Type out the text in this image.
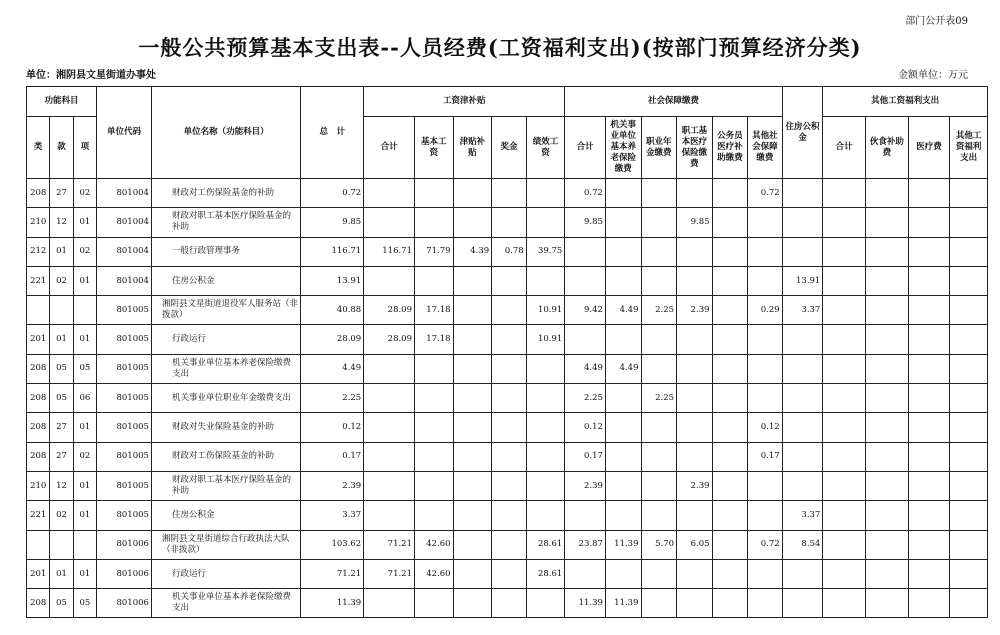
部门公开表09
一般公共预算基本支出表--人员经费(工资福利支出)(按部门预算经济分类)
单位：湘阴县文星街道办事处	金额单位：万元
功能科目			单位代码	单位名称（功能科目）	总　计	工资津补贴					社会保障缴费						住房公积金	其他工资福利支出			
类	款	项				合计	基本工资	津贴补贴	奖金	绩效工资	合计	机关事业单位基本养老保险缴费	职业年金缴费	职工基本医疗保险缴费	公务员医疗补助缴费	其他社会保障缴费		合计	伙食补助费	医疗费	其他工资福利支出
208	27	02	801004	财政对工伤保险基金的补助	0.72						0.72					0.72					
210	12	01	801004	财政对职工基本医疗保险基金的补助	9.85						9.85			9.85							
212	01	02	801004	一般行政管理事务	116.71	116.71	71.79	4.39	0.78	39.75											
221	02	01	801004	住房公积金	13.91												13.91				
			801005	湘阴县文星街道退役军人服务站（非拨款）	40.88	28.09	17.18			10.91	9.42	4.49	2.25	2.39		0.29	3.37				
201	01	01	801005	行政运行	28.09	28.09	17.18			10.91											
208	05	05	801005	机关事业单位基本养老保险缴费支出	4.49						4.49	4.49									
208	05	06	801005	机关事业单位职业年金缴费支出	2.25						2.25		2.25								
208	27	01	801005	财政对失业保险基金的补助	0.12						0.12					0.12					
208	27	02	801005	财政对工伤保险基金的补助	0.17						0.17					0.17					
210	12	01	801005	财政对职工基本医疗保险基金的补助	2.39						2.39			2.39							
221	02	01	801005	住房公积金	3.37												3.37				
			801006	湘阴县文星街道综合行政执法大队（非拨款）	103.62	71.21	42.60			28.61	23.87	11.39	5.70	6.05		0.72	8.54				
201	01	01	801006	行政运行	71.21	71.21	42.60			28.61											
208	05	05	801006	机关事业单位基本养老保险缴费支出	11.39						11.39	11.39									
